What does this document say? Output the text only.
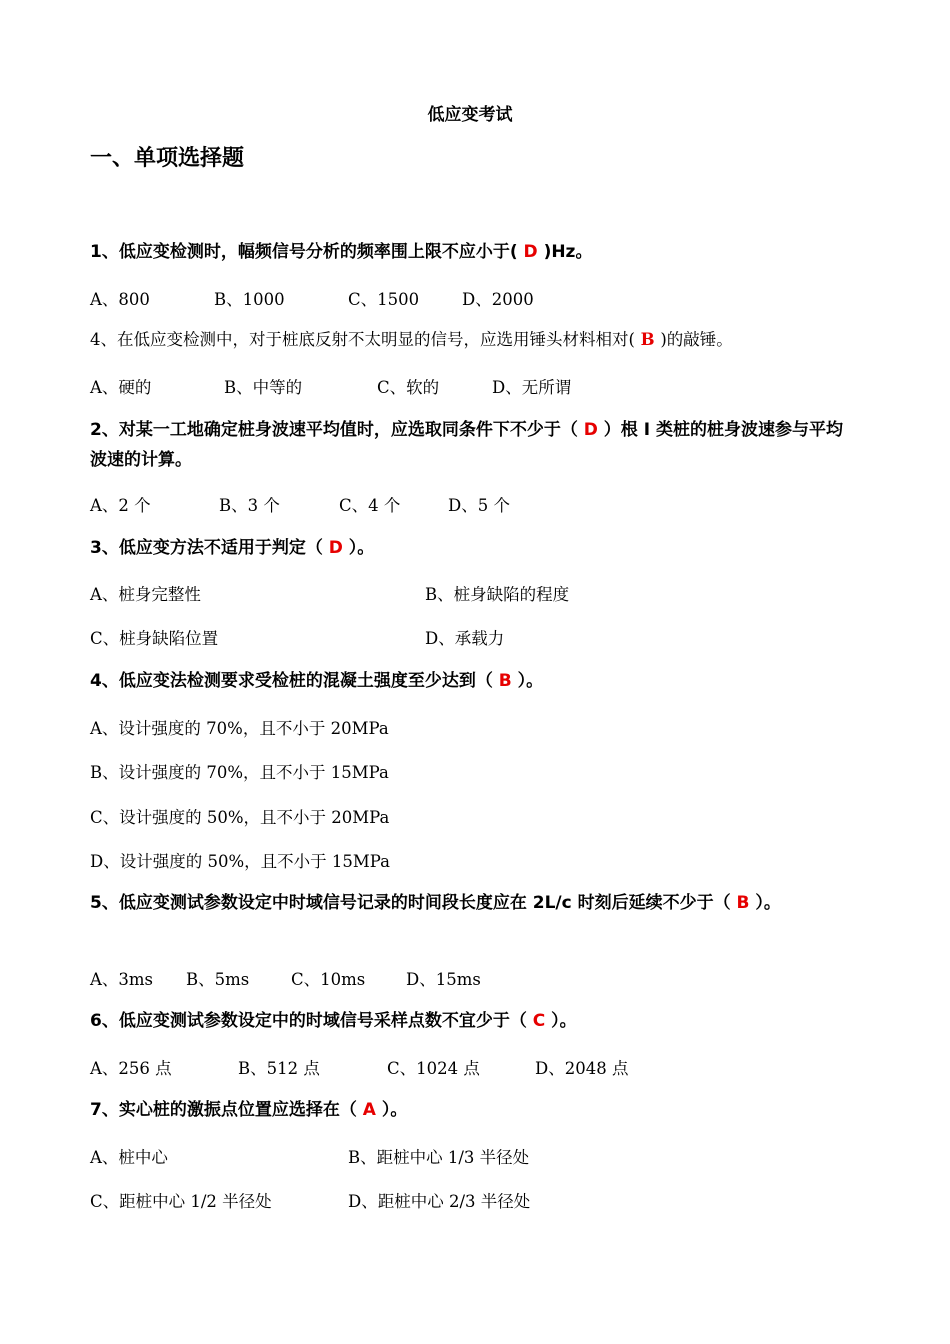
低应变考试
一、单项选择题
1、低应变检测时，幅频信号分析的频率围上限不应小于( D )Hz。
A、800	B、1000	C、1500	D、2000
4、在低应变检测中，对于桩底反射不太明显的信号，应选用锤头材料相对( B )的敲锤。
A、硬的	B、中等的	C、软的	D、无所谓
2、对某一工地确定桩身波速平均值时，应选取同条件下不少于（ D ）根 I 类桩的桩身波速参与平均波速的计算。
A、2 个	B、3 个	C、4 个	D、5 个
3、低应变方法不适用于判定（ D ）。
A、桩身完整性	B、桩身缺陷的程度
C、桩身缺陷位置	D、承载力
4、低应变法检测要求受检桩的混凝土强度至少达到（ B ）。
A、设计强度的 70%，且不小于 20MPa
B、设计强度的 70%，且不小于 15MPa
C、设计强度的 50%，且不小于 20MPa
D、设计强度的 50%，且不小于 15MPa
5、低应变测试参数设定中时域信号记录的时间段长度应在 2L/c 时刻后延续不少于（ B ）。
A、3ms B、5ms	C、10ms D、15ms
6、低应变测试参数设定中的时域信号采样点数不宜少于（ C ）。
A、256 点	B、512 点	C、1024 点	D、2048 点
7、实心桩的激振点位置应选择在（ A ）。
A、桩中心	B、距桩中心 1/3 半径处
C、距桩中心 1/2 半径处	D、距桩中心 2/3 半径处
